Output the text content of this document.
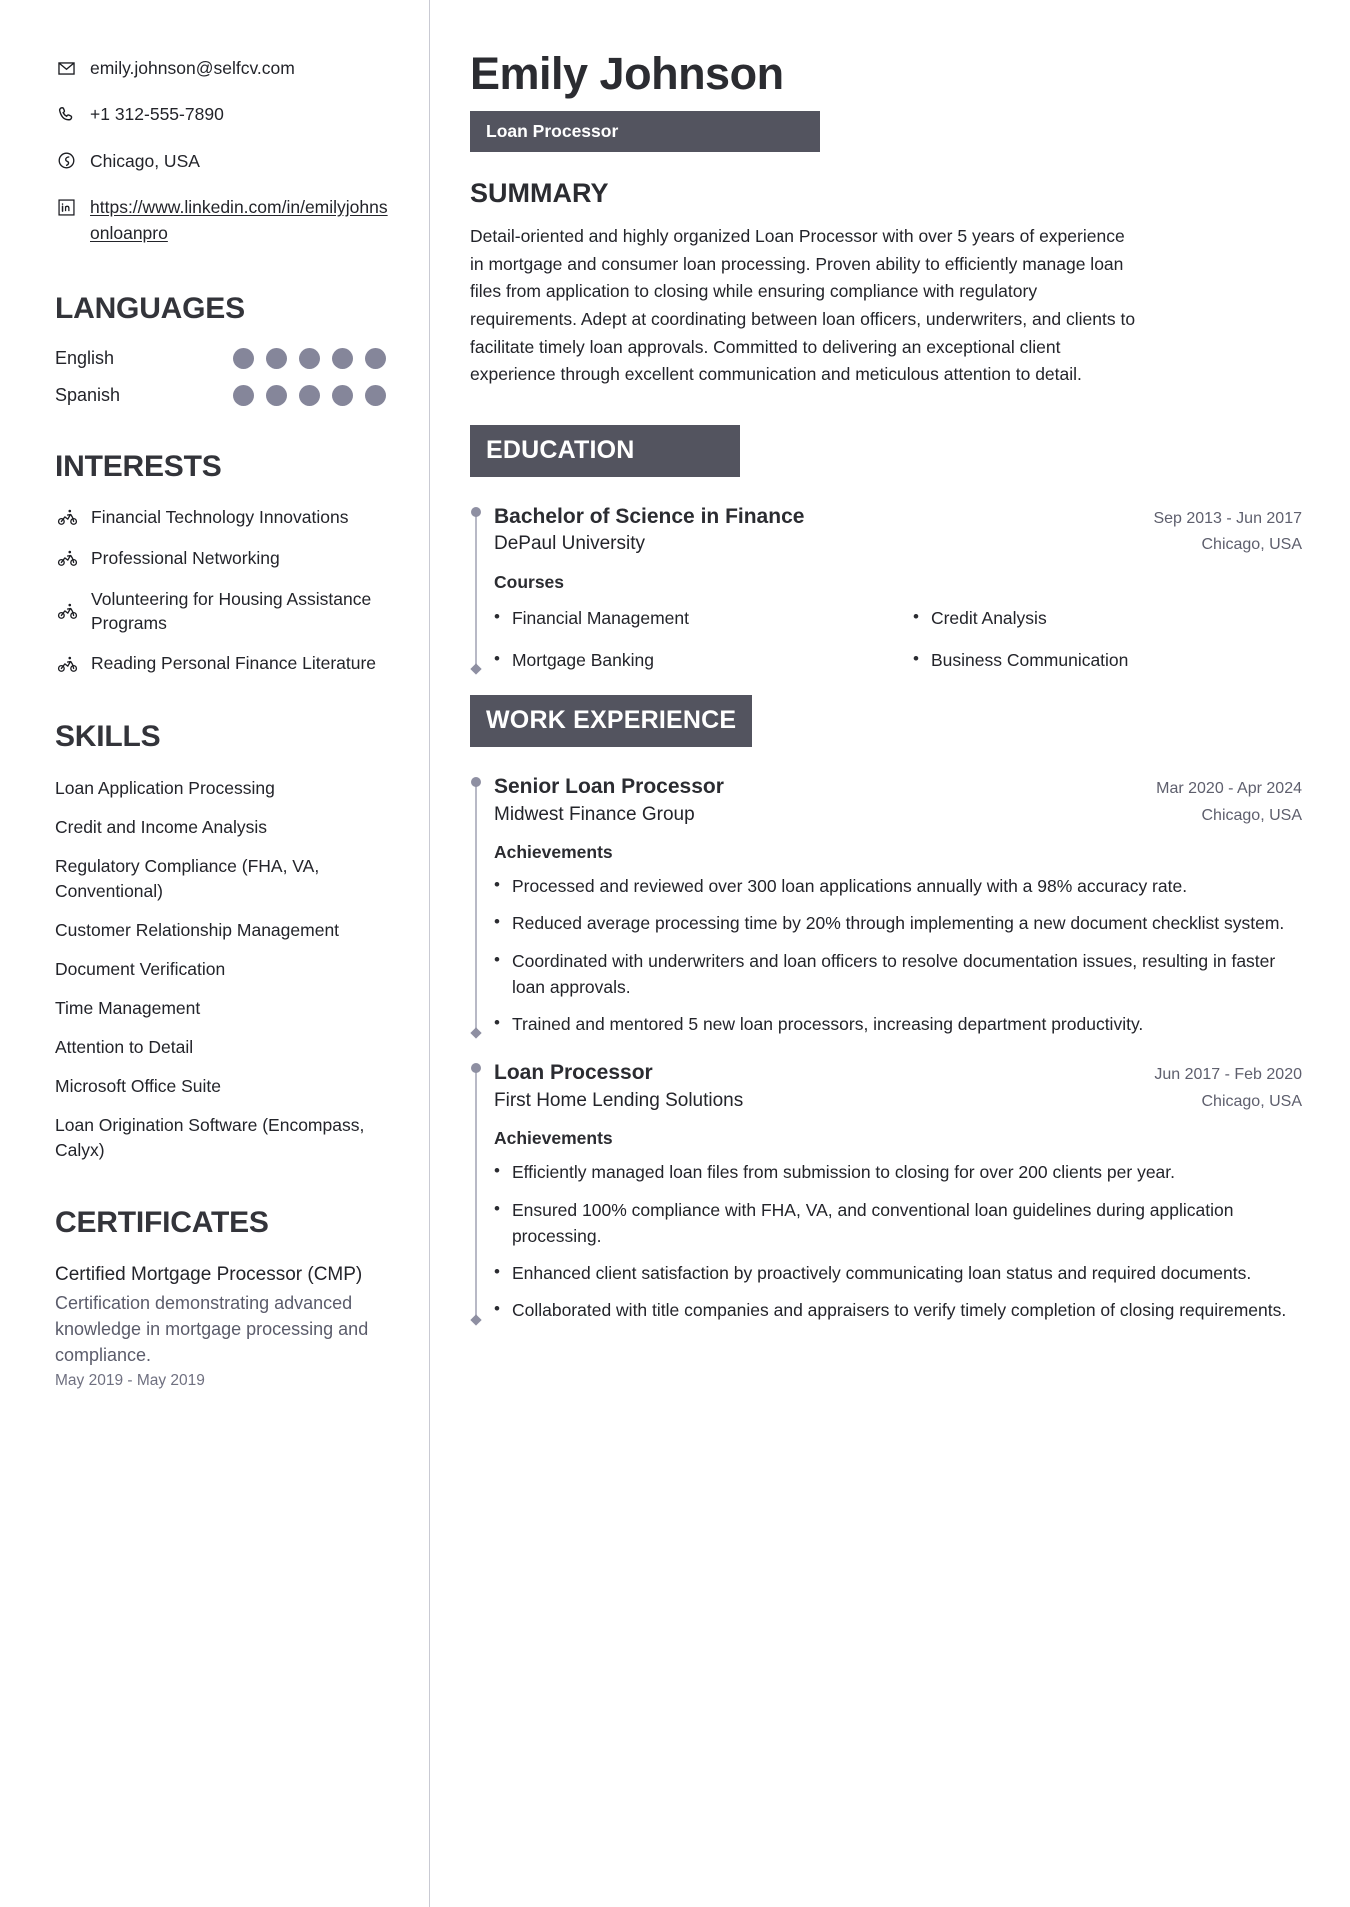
emily.johnson@selfcv.com
+1 312-555-7890
Chicago, USA
https://www.linkedin.com/in/emilyjohnsonloanpro
LANGUAGES
English
Spanish
INTERESTS
Financial Technology Innovations
Professional Networking
Volunteering for Housing Assistance Programs
Reading Personal Finance Literature
SKILLS
Loan Application Processing
Credit and Income Analysis
Regulatory Compliance (FHA, VA, Conventional)
Customer Relationship Management
Document Verification
Time Management
Attention to Detail
Microsoft Office Suite
Loan Origination Software (Encompass, Calyx)
CERTIFICATES
Certified Mortgage Processor (CMP)
Certification demonstrating advanced knowledge in mortgage processing and compliance.
May 2019 - May 2019
Emily Johnson
Loan Processor
SUMMARY

Detail-oriented and highly organized Loan Processor with over 5 years of experience in mortgage and consumer loan processing. Proven ability to efficiently manage loan files from application to closing while ensuring compliance with regulatory requirements. Adept at coordinating between loan officers, underwriters, and clients to facilitate timely loan approvals. Committed to delivering an exceptional client experience through excellent communication and meticulous attention to detail.

EDUCATION
Bachelor of Science in Finance	Sep 2013 - Jun 2017
DePaul University	Chicago, USA
Courses
• Financial Management	• Credit Analysis
• Mortgage Banking	• Business Communication
WORK EXPERIENCE
Senior Loan Processor	Mar 2020 - Apr 2024
Midwest Finance Group	Chicago, USA
Achievements
• Processed and reviewed over 300 loan applications annually with a 98% accuracy rate.
• Reduced average processing time by 20% through implementing a new document checklist system.
• Coordinated with underwriters and loan officers to resolve documentation issues, resulting in faster loan approvals.
• Trained and mentored 5 new loan processors, increasing department productivity.
Loan Processor	Jun 2017 - Feb 2020
First Home Lending Solutions	Chicago, USA
Achievements
• Efficiently managed loan files from submission to closing for over 200 clients per year.
• Ensured 100% compliance with FHA, VA, and conventional loan guidelines during application processing.
• Enhanced client satisfaction by proactively communicating loan status and required documents.
• Collaborated with title companies and appraisers to verify timely completion of closing requirements.
